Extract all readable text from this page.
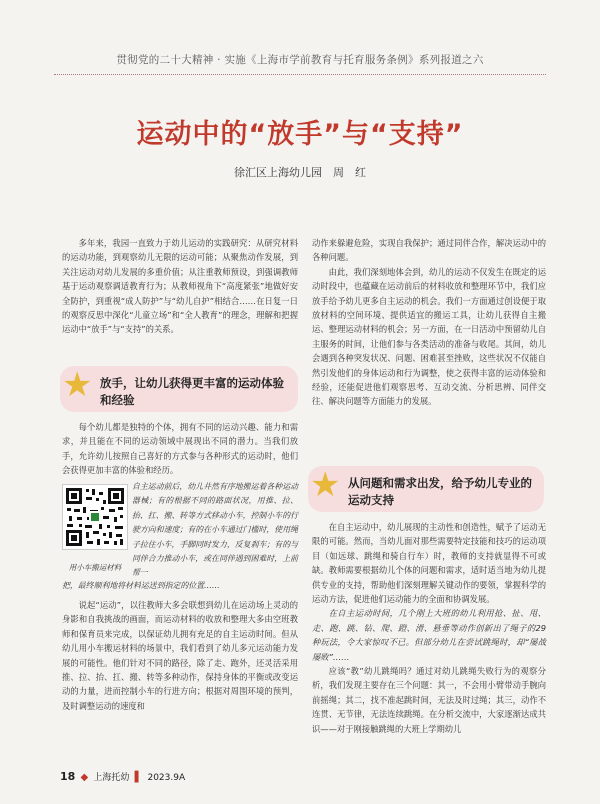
贯彻党的二十大精神 · 实施《上海市学前教育与托育服务条例》系列报道之六
运动中的“放手”与“支持”
徐汇区上海幼儿园　周　红

多年来，我园一直致力于幼儿运动的实践研究：从研究材料的运动功能，到观察幼儿无限的运动可能；从聚焦动作发展，到关注运动对幼儿发展的多重价值；从注重教师预设，到强调教师基于运动观察调适教育行为；从教师视角下“高度紧张”地做好安全防护，到重视“成人防护”与“幼儿自护”相结合……在日复一日的观察反思中深化“儿童立场”和“全人教育”的理念，理解和把握运动中“放手”与“支持”的关系。

★ 放手，让幼儿获得更丰富的运动体验和经验

每个幼儿都是独特的个体，拥有不同的运动兴趣、能力和需求，并且能在不同的运动领域中展现出不同的潜力。当我们放手，允许幼儿按照自己喜好的方式参与各种形式的运动时，他们会获得更加丰富的体验和经历。

用小车搬运材料
自主运动前后，幼儿井然有序地搬运着各种运动器械；有的根据不同的路面状况，用推、拉、抬、扛、搬、转等方式移动小车，控制小车的行驶方向和速度；有的在小车通过门槛时，使用绳子拉住小车，手脚同时发力，反复刹车；有的与同伴合力推动小车，或在同伴遇到困难时，上前帮一
把，最终顺利地将材料运送到指定的位置……

说起“运动”，以往教师大多会联想到幼儿在运动场上灵动的身影和自我挑战的画面，而运动材料的收放和整理大多由空班教师和保育员来完成，以保证幼儿拥有充足的自主运动时间。但从幼儿用小车搬运材料的场景中，我们看到了幼儿多元运动能力发展的可能性。他们针对不同的路径，除了走、跑外，还灵活采用推、拉、抬、扛、搬、转等多种动作，保持身体的平衡或改变运动的力量，进而控制小车的行进方向；根据对周围环境的预判，及时调整运动的速度和

动作来躲避危险，实现自我保护；通过同伴合作，解决运动中的各种问题。

由此，我们深刻地体会到，幼儿的运动不仅发生在既定的运动时段中，也蕴藏在运动前后的材料收放和整理环节中，我们应放手给予幼儿更多自主运动的机会。我们一方面通过创设便于取放材料的空间环境、提供适宜的搬运工具，让幼儿获得自主搬运、整理运动材料的机会；另一方面，在一日活动中预留幼儿自主服务的时间，让他们参与各类活动的准备与收尾。其间，幼儿会遇到各种突发状况、问题、困难甚至挫败，这些状况不仅能自然引发他们的身体运动和行为调整，使之获得丰富的运动体验和经验，还能促进他们观察思考、互动交流、分析思辨、同伴交往、解决问题等方面能力的发展。

★ 从问题和需求出发，给予幼儿专业的运动支持

在自主运动中，幼儿展现的主动性和创造性，赋予了运动无限的可能。然而，当幼儿面对那些需要特定技能和技巧的运动项目（如远球、跳绳和骑自行车）时，教师的支持就显得不可或缺。教师需要根据幼儿个体的问题和需求，适时适当地为幼儿提供专业的支持，帮助他们深刻理解关键动作的要领，掌握科学的运动方法，促进他们运动能力的全面和协调发展。

在自主运动时间，几个刚上大班的幼儿利用抢、扯、甩、走、跑、跳、钻、爬、蹬、滑、悬垂等动作创新出了绳子的29种玩法，令大家惊叹不已。但部分幼儿在尝试跳绳时，却“屡战屡败”……

应该“教”幼儿跳绳吗？通过对幼儿跳绳失败行为的观察分析，我们发现主要存在三个问题：其一，不会用小臂带动手腕向前摇绳；其二，找不准起跳时间，无法及时过绳；其三，动作不连贯、无节律，无法连续跳绳。在分析交流中，大家逐渐达成共识——对于刚接触跳绳的大班上学期幼儿

18 ◆ 上海托幼 ▌ 2023.9A
